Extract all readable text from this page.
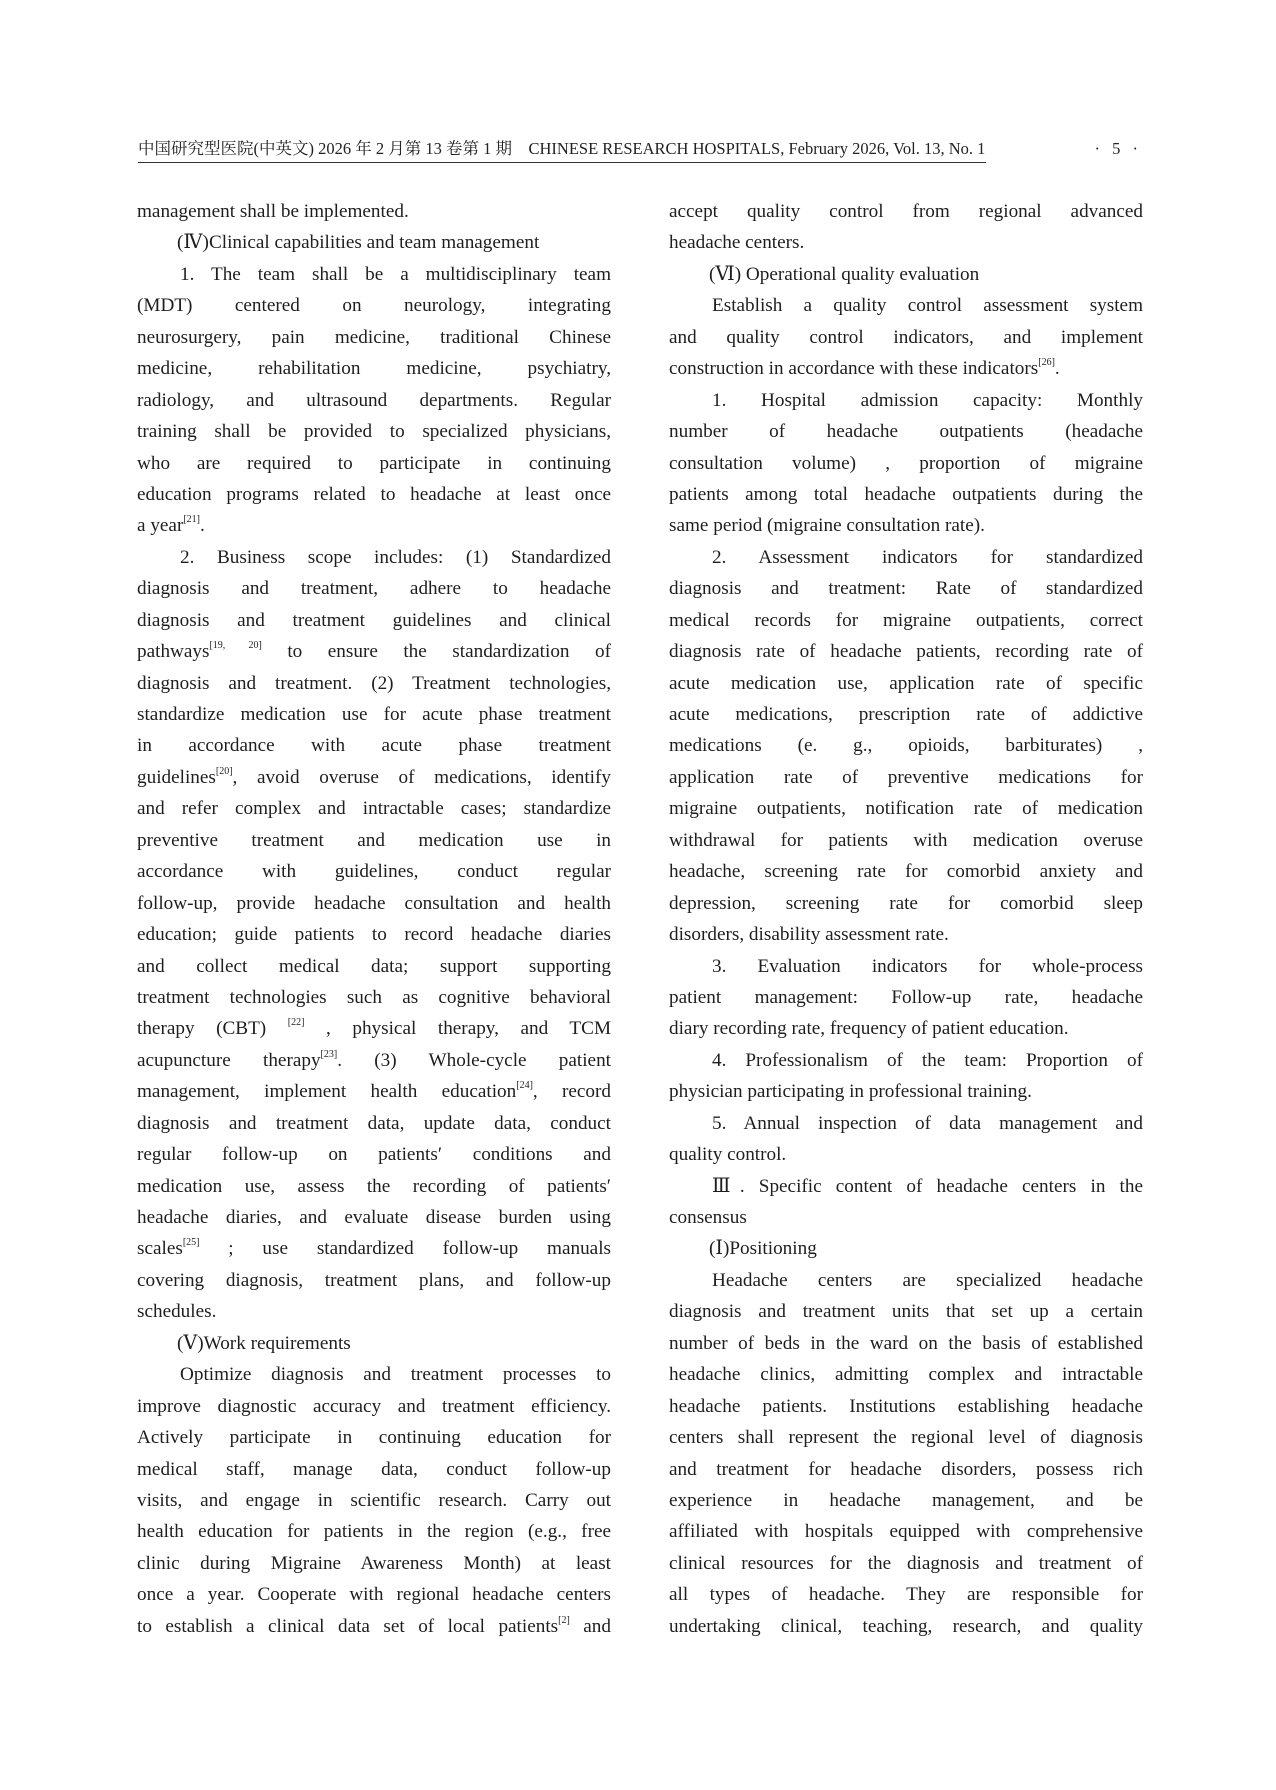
中国研究型医院(中英文) 2026 年 2 月第 13 卷第 1 期　CHINESE RESEARCH HOSPITALS, February 2026, Vol. 13, No. 1	· 5 ·
management shall be implemented.
(Ⅳ)Clinical capabilities and team management
1. The team shall be a multidisciplinary team
(MDT) centered on neurology, integrating
neurosurgery, pain medicine, traditional Chinese
medicine, rehabilitation medicine, psychiatry,
radiology, and ultrasound departments. Regular
training shall be provided to specialized physicians,
who are required to participate in continuing
education programs related to headache at least once
a year[21].
2. Business scope includes: (1) Standardized
diagnosis and treatment, adhere to headache
diagnosis and treatment guidelines and clinical
pathways[19, 20] to ensure the standardization of
diagnosis and treatment. (2) Treatment technologies,
standardize medication use for acute phase treatment
in accordance with acute phase treatment
guidelines[20], avoid overuse of medications, identify
and refer complex and intractable cases; standardize
preventive treatment and medication use in
accordance with guidelines, conduct regular
follow-up, provide headache consultation and health
education; guide patients to record headache diaries
and collect medical data; support supporting
treatment technologies such as cognitive behavioral
therapy (CBT) [22] , physical therapy, and TCM
acupuncture therapy[23]. (3) Whole-cycle patient
management, implement health education[24], record
diagnosis and treatment data, update data, conduct
regular follow-up on patients′ conditions and
medication use, assess the recording of patients′
headache diaries, and evaluate disease burden using
scales[25] ; use standardized follow-up manuals
covering diagnosis, treatment plans, and follow-up
schedules.
(Ⅴ)Work requirements
Optimize diagnosis and treatment processes to
improve diagnostic accuracy and treatment efficiency.
Actively participate in continuing education for
medical staff, manage data, conduct follow-up
visits, and engage in scientific research. Carry out
health education for patients in the region (e.g., free
clinic during Migraine Awareness Month) at least
once a year. Cooperate with regional headache centers
to establish a clinical data set of local patients[2] and
accept quality control from regional advanced
headache centers.
(Ⅵ) Operational quality evaluation
Establish a quality control assessment system
and quality control indicators, and implement
construction in accordance with these indicators[26].
1. Hospital admission capacity: Monthly
number of headache outpatients (headache
consultation volume) , proportion of migraine
patients among total headache outpatients during the
same period (migraine consultation rate).
2. Assessment indicators for standardized
diagnosis and treatment: Rate of standardized
medical records for migraine outpatients, correct
diagnosis rate of headache patients, recording rate of
acute medication use, application rate of specific
acute medications, prescription rate of addictive
medications (e. g., opioids, barbiturates) ,
application rate of preventive medications for
migraine outpatients, notification rate of medication
withdrawal for patients with medication overuse
headache, screening rate for comorbid anxiety and
depression, screening rate for comorbid sleep
disorders, disability assessment rate.
3. Evaluation indicators for whole-process
patient management: Follow-up rate, headache
diary recording rate, frequency of patient education.
4. Professionalism of the team: Proportion of
physician participating in professional training.
5. Annual inspection of data management and
quality control.
Ⅲ. Specific content of headache centers in the
consensus
(Ⅰ)Positioning
Headache centers are specialized headache
diagnosis and treatment units that set up a certain
number of beds in the ward on the basis of established
headache clinics, admitting complex and intractable
headache patients. Institutions establishing headache
centers shall represent the regional level of diagnosis
and treatment for headache disorders, possess rich
experience in headache management, and be
affiliated with hospitals equipped with comprehensive
clinical resources for the diagnosis and treatment of
all types of headache. They are responsible for
undertaking clinical, teaching, research, and quality
